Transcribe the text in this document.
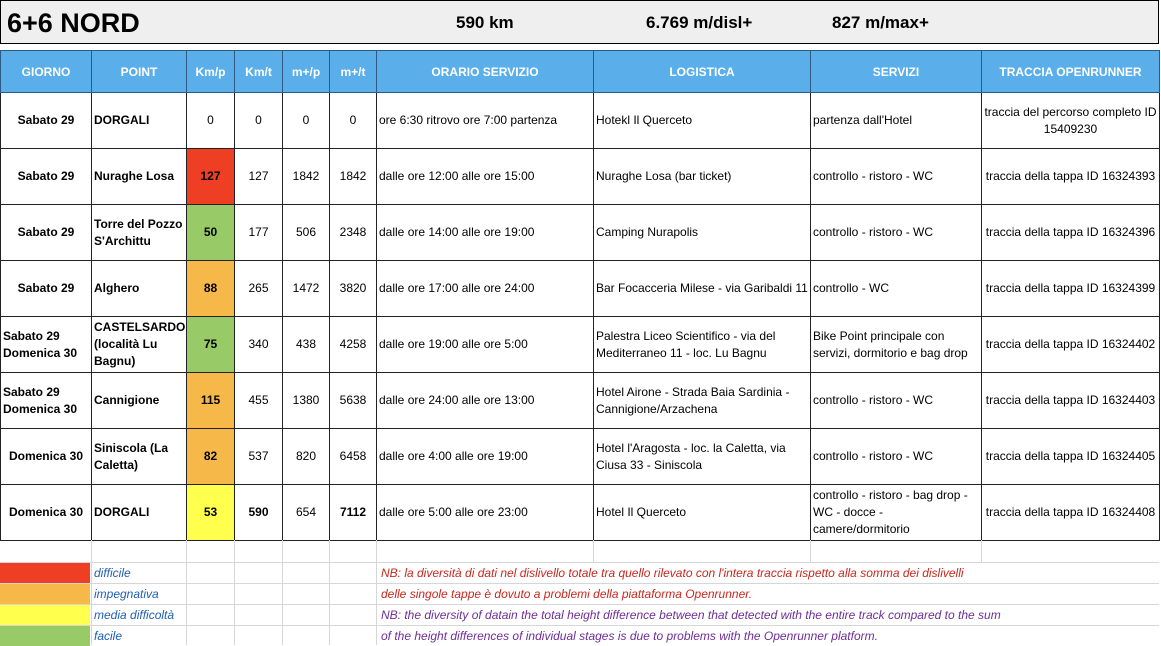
6+6 NORD	590 km	6.769 m/disl+	827 m/max+
GIORNO	POINT	Km/p	Km/t	m+/p	m+/t	ORARIO SERVIZIO	LOGISTICA	SERVIZI	TRACCIA OPENRUNNER
Sabato 29	DORGALI	0	0	0	0	ore 6:30 ritrovo ore 7:00 partenza	Hotekl Il Querceto	partenza dall'Hotel	traccia del percorso completo ID 15409230
Sabato 29	Nuraghe Losa	127	127	1842	1842	dalle ore 12:00 alle ore 15:00	Nuraghe Losa (bar ticket)	controllo - ristoro - WC	traccia della tappa ID 16324393
Sabato 29	Torre del Pozzo S'Archittu	50	177	506	2348	dalle ore 14:00 alle ore 19:00	Camping Nurapolis	controllo - ristoro - WC	traccia della tappa ID 16324396
Sabato 29	Alghero	88	265	1472	3820	dalle ore 17:00 alle ore 24:00	Bar Focacceria Milese - via Garibaldi 11	controllo - WC	traccia della tappa ID 16324399
Sabato 29 Domenica 30	CASTELSARDO (località Lu Bagnu)	75	340	438	4258	dalle ore 19:00 alle ore 5:00	Palestra Liceo Scientifico - via del Mediterraneo 11 - loc. Lu Bagnu	Bike Point principale con servizi, dormitorio e bag drop	traccia della tappa ID 16324402
Sabato 29 Domenica 30	Cannigione	115	455	1380	5638	dalle ore 24:00 alle ore 13:00	Hotel Airone - Strada Baia Sardinia - Cannigione/Arzachena	controllo - ristoro - WC	traccia della tappa ID 16324403
Domenica 30	Siniscola (La Caletta)	82	537	820	6458	dalle ore 4:00 alle ore 19:00	Hotel l'Aragosta - loc. la Caletta, via Ciusa 33 - Siniscola	controllo - ristoro - WC	traccia della tappa ID 16324405
Domenica 30	DORGALI	53	590	654	7112	dalle ore 5:00 alle ore 23:00	Hotel Il Querceto	controllo - ristoro - bag drop - WC - docce - camere/dormitorio	traccia della tappa ID 16324408
difficile	NB: la diversità di dati nel dislivello totale tra quello rilevato con l'intera traccia rispetto alla somma dei dislivelli
impegnativa	delle singole tappe è dovuto a problemi della piattaforma Openrunner.
media difficoltà	NB: the diversity of datain the total height difference between that detected with the entire track compared to the sum
facile	of the height differences of individual stages is due to problems with the Openrunner platform.
